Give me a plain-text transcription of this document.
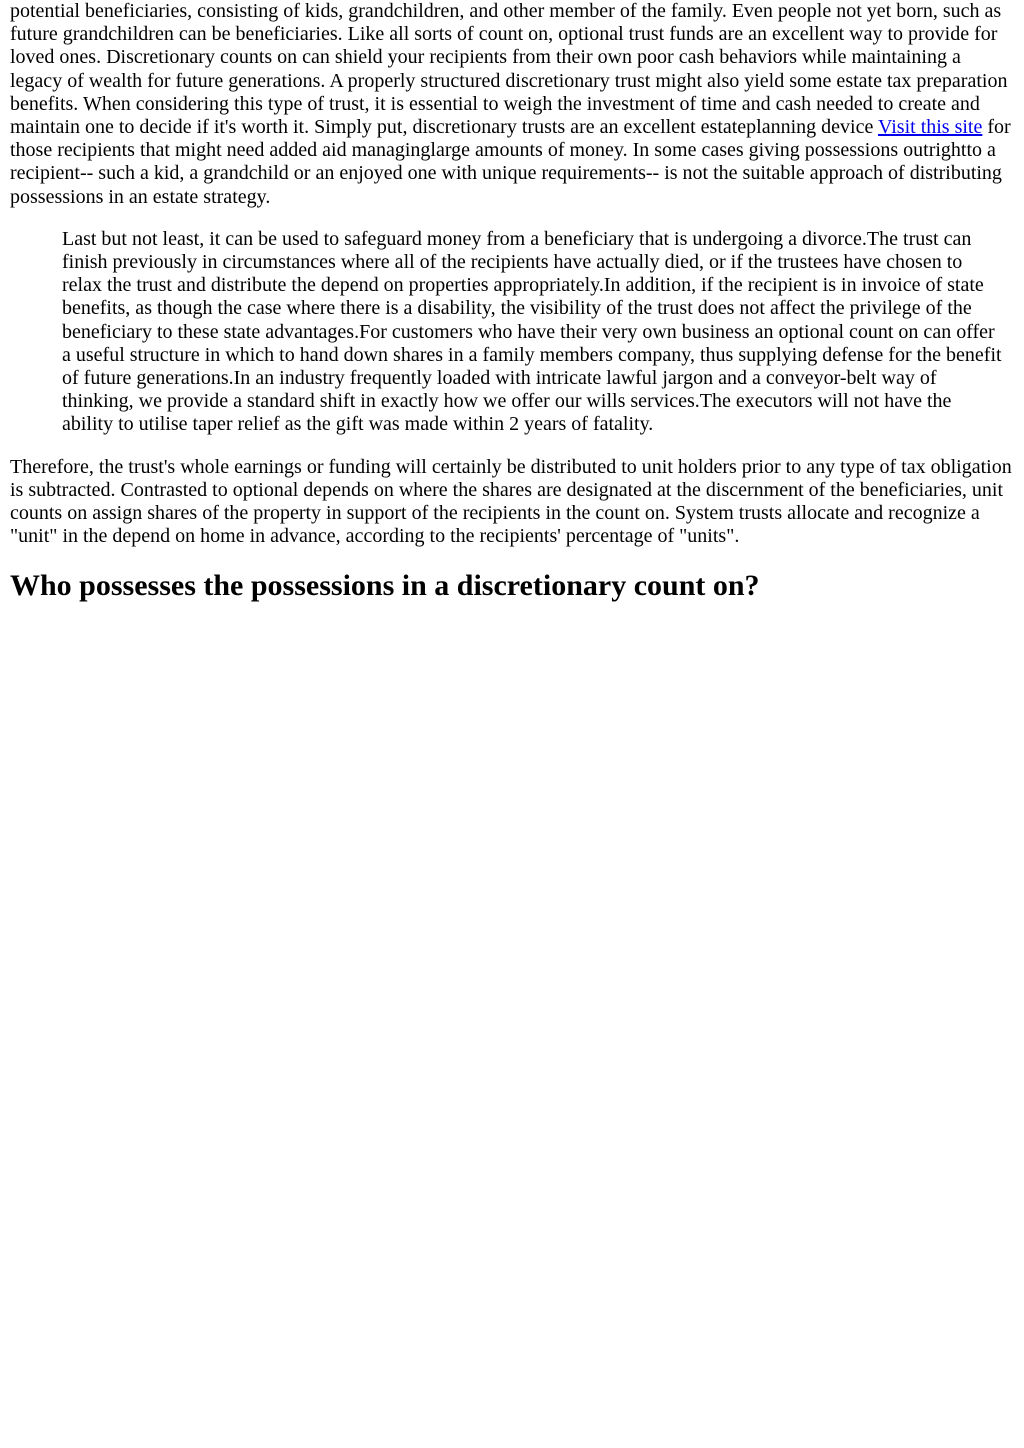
potential beneficiaries, consisting of kids, grandchildren, and other member of the family. Even people not yet born, such as future grandchildren can be beneficiaries. Like all sorts of count on, optional trust funds are an excellent way to provide for loved ones. Discretionary counts on can shield your recipients from their own poor cash behaviors while maintaining a legacy of wealth for future generations. A properly structured discretionary trust might also yield some estate tax preparation benefits. When considering this type of trust, it is essential to weigh the investment of time and cash needed to create and maintain one to decide if it's worth it. Simply put, discretionary trusts are an excellent estateplanning device Visit this site for those recipients that might need added aid managinglarge amounts of money. In some cases giving possessions outrightto a recipient-- such a kid, a grandchild or an enjoyed one with unique requirements-- is not the suitable approach of distributing possessions in an estate strategy.

Last but not least, it can be used to safeguard money from a beneficiary that is undergoing a divorce.The trust can finish previously in circumstances where all of the recipients have actually died, or if the trustees have chosen to relax the trust and distribute the depend on properties appropriately.In addition, if the recipient is in invoice of state benefits, as though the case where there is a disability, the visibility of the trust does not affect the privilege of the beneficiary to these state advantages.For customers who have their very own business an optional count on can offer a useful structure in which to hand down shares in a family members company, thus supplying defense for the benefit of future generations.In an industry frequently loaded with intricate lawful jargon and a conveyor-belt way of thinking, we provide a standard shift in exactly how we offer our wills services.The executors will not have the ability to utilise taper relief as the gift was made within 2 years of fatality.

Therefore, the trust's whole earnings or funding will certainly be distributed to unit holders prior to any type of tax obligation is subtracted. Contrasted to optional depends on where the shares are designated at the discernment of the beneficiaries, unit counts on assign shares of the property in support of the recipients in the count on. System trusts allocate and recognize a "unit" in the depend on home in advance, according to the recipients' percentage of "units".

Who possesses the possessions in a discretionary count on?
